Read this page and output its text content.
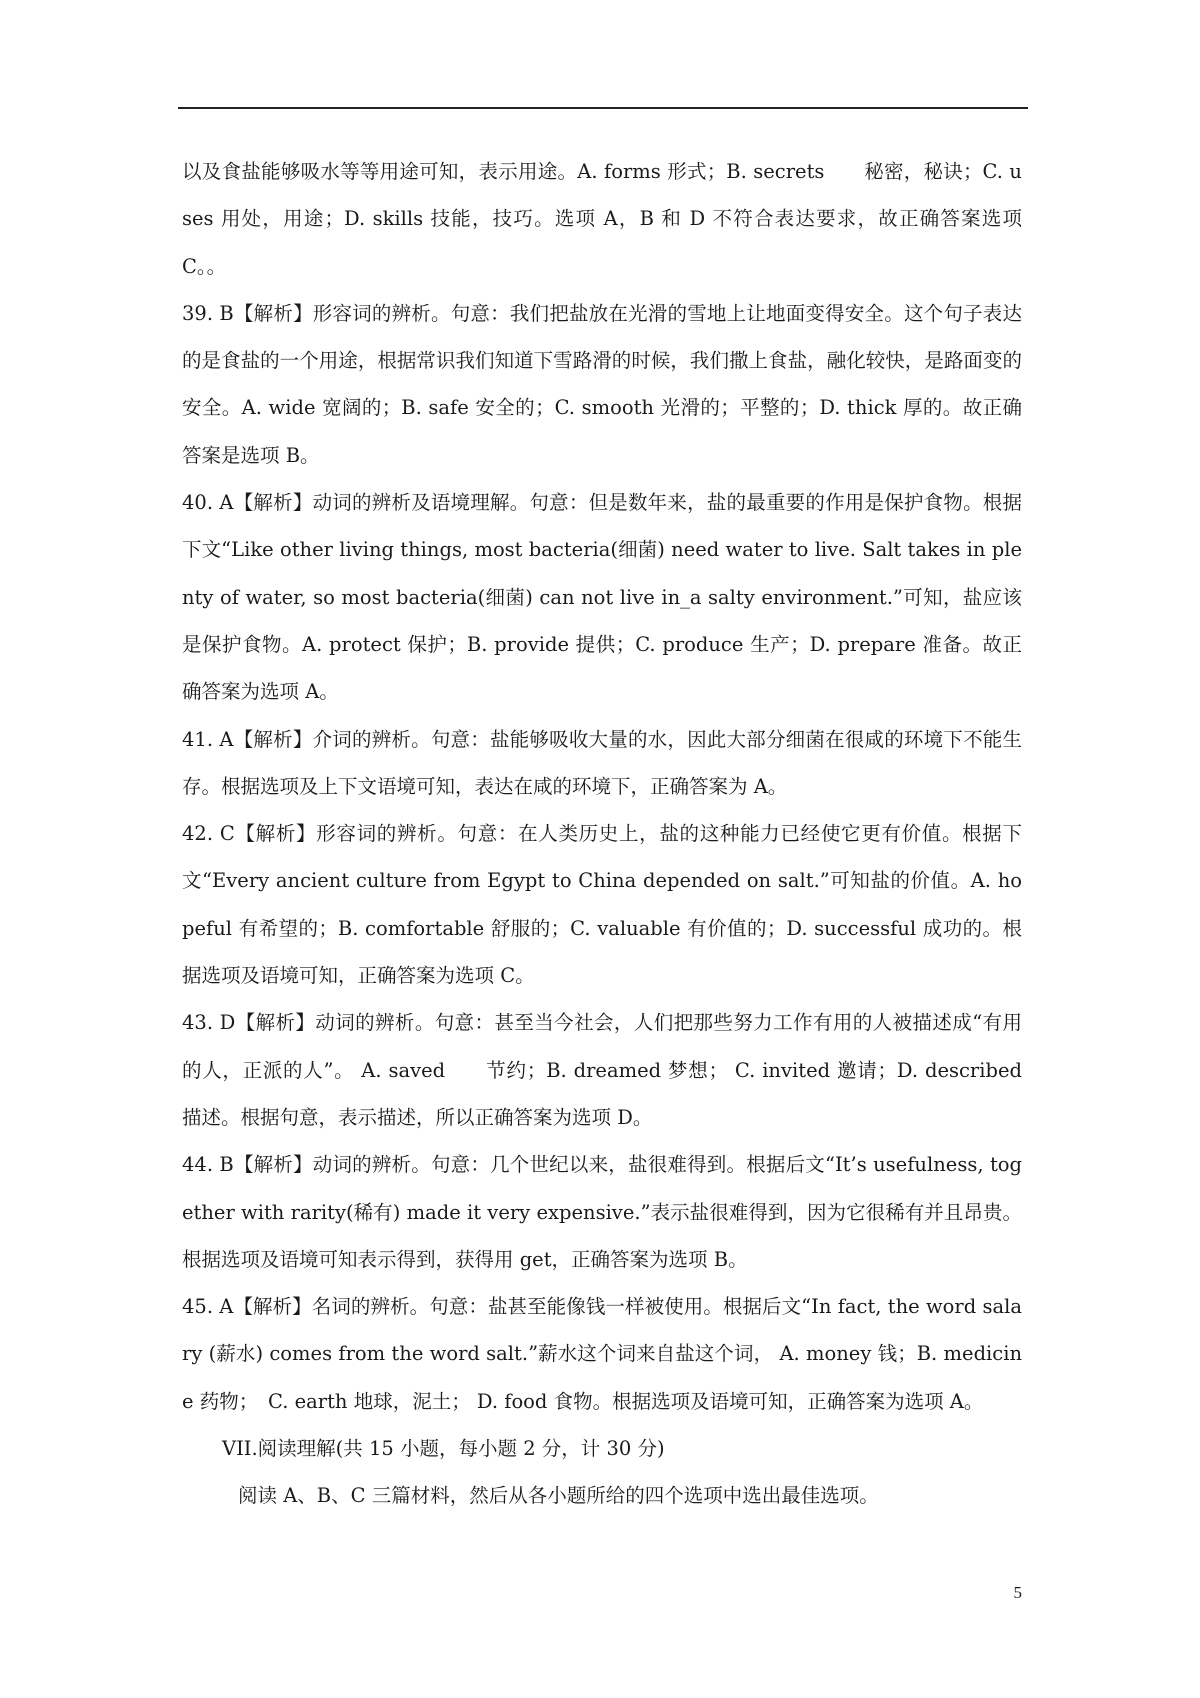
以及食盐能够吸水等等用途可知，表示用途。A. forms 形式；B. secrets　　秘密，秘诀；C. uses 用处，用途；D. skills 技能，技巧。选项 A，B 和 D 不符合表达要求，故正确答案选项 C。。

39. B【解析】形容词的辨析。句意：我们把盐放在光滑的雪地上让地面变得安全。这个句子表达的是食盐的一个用途，根据常识我们知道下雪路滑的时候，我们撒上食盐，融化较快，是路面变的安全。A. wide 宽阔的；B. safe 安全的；C. smooth 光滑的；平整的；D. thick 厚的。故正确答案是选项 B。

40. A【解析】动词的辨析及语境理解。句意：但是数年来，盐的最重要的作用是保护食物。根据下文“Like other living things, most bacteria(细菌) need water to live. Salt takes in plenty of water, so most bacteria(细菌) can not live in_a salty environment.”可知，盐应该是保护食物。A. protect 保护；B. provide 提供；C. produce 生产；D. prepare 准备。故正确答案为选项 A。

41. A【解析】介词的辨析。句意：盐能够吸收大量的水，因此大部分细菌在很咸的环境下不能生存。根据选项及上下文语境可知，表达在咸的环境下，正确答案为 A。

42. C【解析】形容词的辨析。句意：在人类历史上，盐的这种能力已经使它更有价值。根据下文“Every ancient culture from Egypt to China depended on salt.”可知盐的价值。A. hopeful 有希望的；B. comfortable 舒服的；C. valuable 有价值的；D. successful 成功的。根据选项及语境可知，正确答案为选项 C。

43. D【解析】动词的辨析。句意：甚至当今社会，人们把那些努力工作有用的人被描述成“有用的人，正派的人”。 A. saved　　节约；B. dreamed 梦想； C. invited 邀请；D. described 描述。根据句意，表示描述，所以正确答案为选项 D。

44. B【解析】动词的辨析。句意：几个世纪以来，盐很难得到。根据后文“It’s usefulness, together with rarity(稀有) made it very expensive.”表示盐很难得到，因为它很稀有并且昂贵。根据选项及语境可知表示得到，获得用 get，正确答案为选项 B。

45. A【解析】名词的辨析。句意：盐甚至能像钱一样被使用。根据后文“In fact, the word salary (薪水) comes from the word salt.”薪水这个词来自盐这个词， A. money 钱；B. medicine 药物；　C. earth 地球，泥土； D. food 食物。根据选项及语境可知，正确答案为选项 A。

VII.阅读理解(共 15 小题，每小题 2 分，计 30 分)

阅读 A、B、C 三篇材料，然后从各小题所给的四个选项中选出最佳选项。

5
